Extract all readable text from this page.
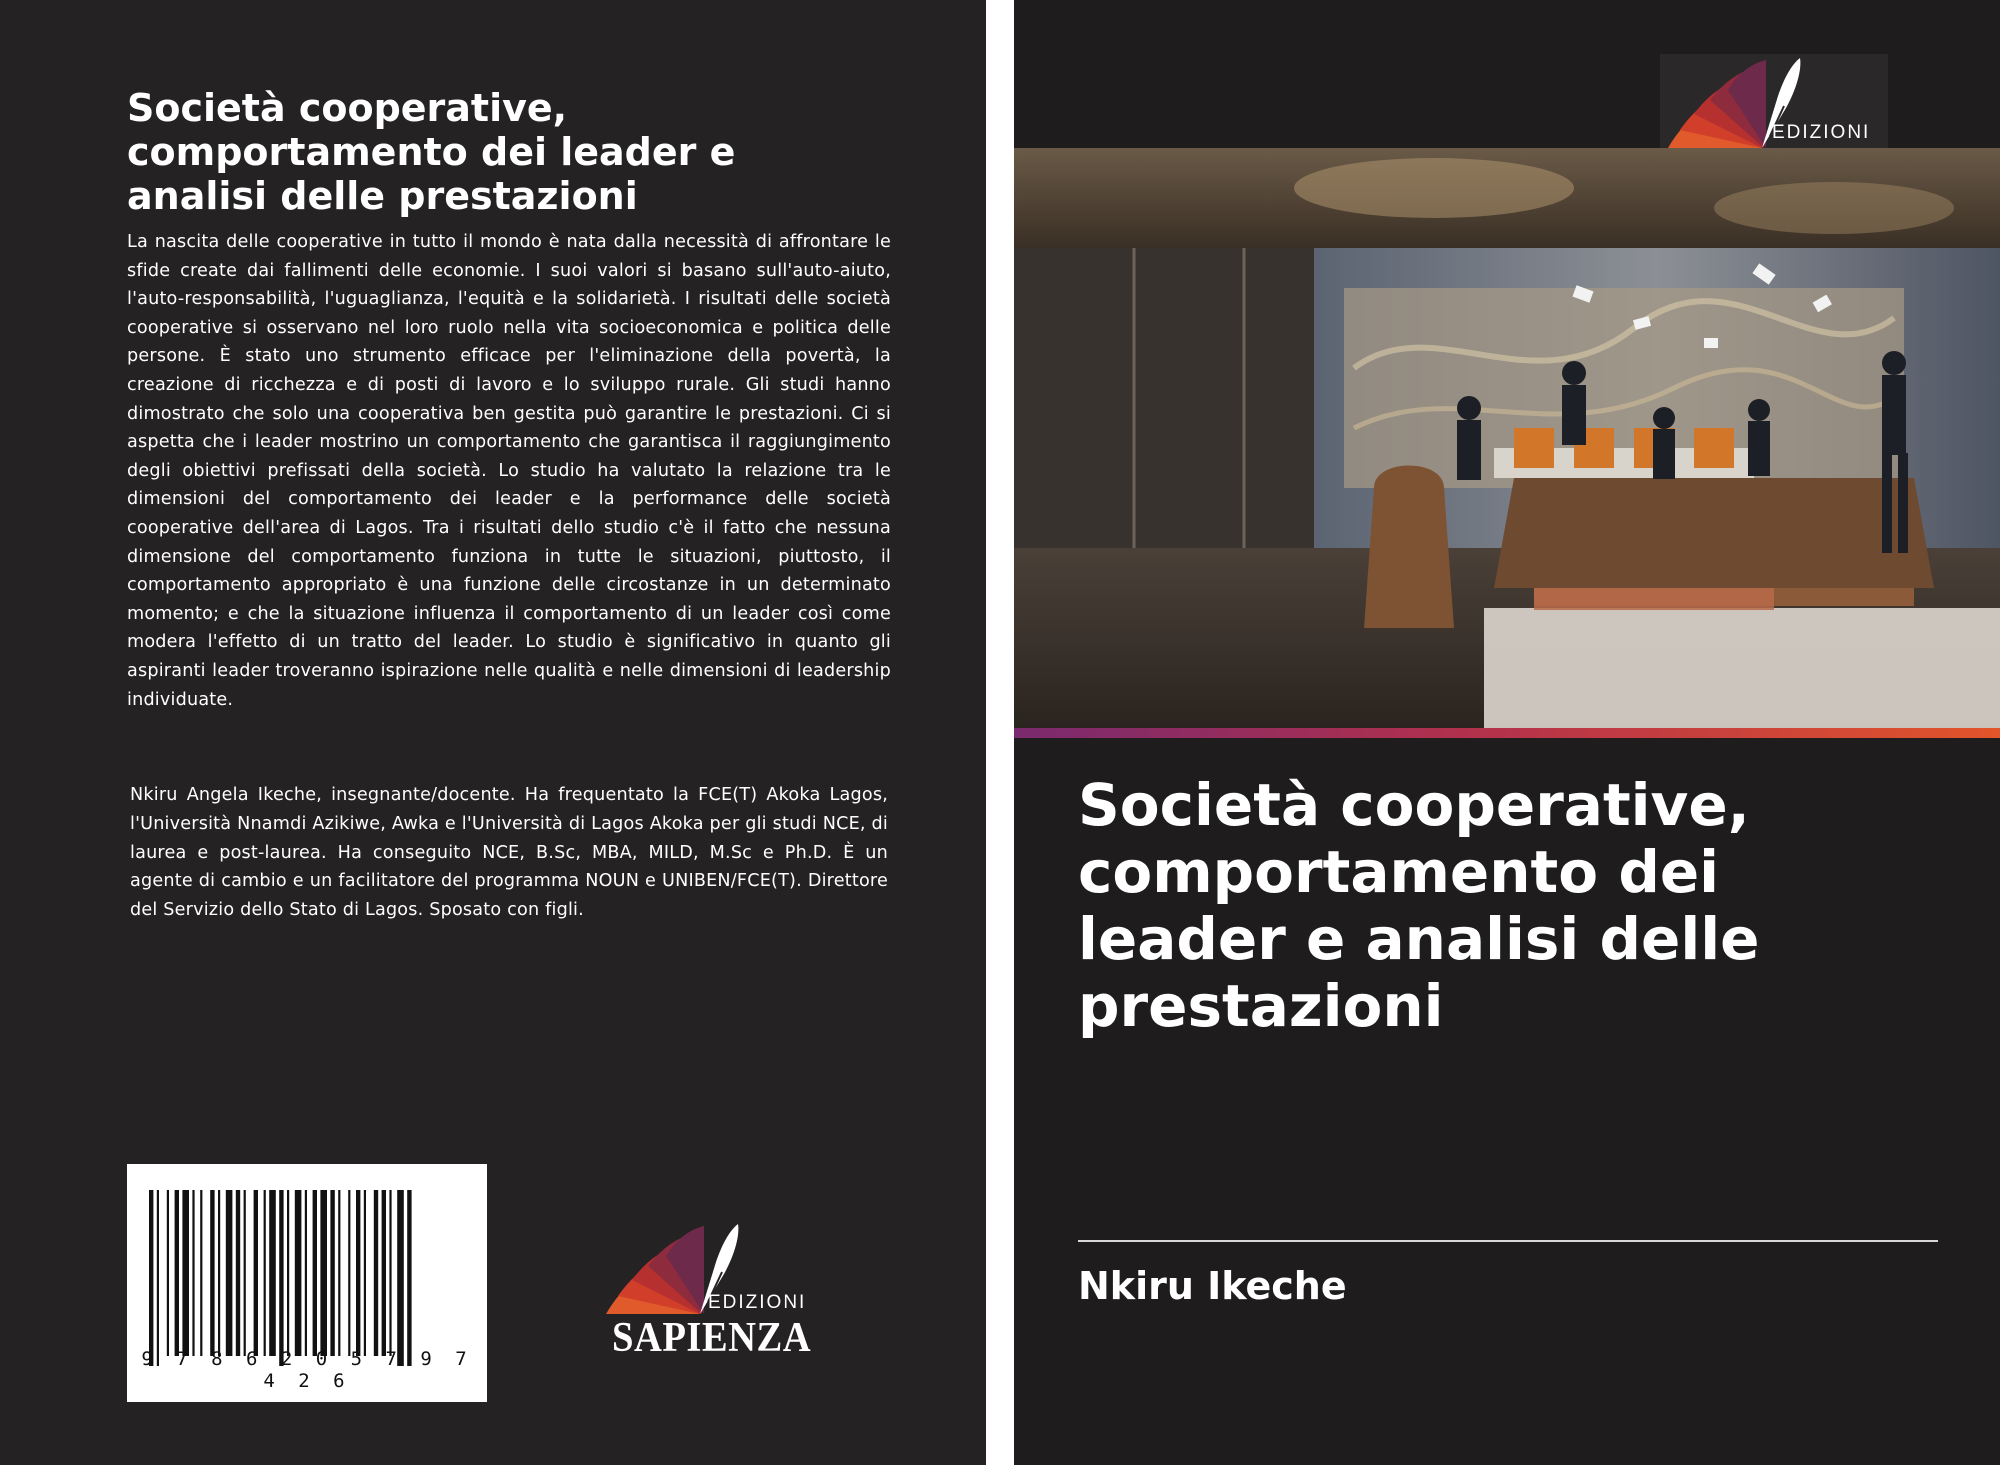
Società cooperative, comportamento dei leader e analisi delle prestazioni

La nascita delle cooperative in tutto il mondo è nata dalla necessità di affrontare le sfide create dai fallimenti delle economie. I suoi valori si basano sull'auto-aiuto, l'auto-responsabilità, l'uguaglianza, l'equità e la solidarietà. I risultati delle società cooperative si osservano nel loro ruolo nella vita socioeconomica e politica delle persone. È stato uno strumento efficace per l'eliminazione della povertà, la creazione di ricchezza e di posti di lavoro e lo sviluppo rurale. Gli studi hanno dimostrato che solo una cooperativa ben gestita può garantire le prestazioni. Ci si aspetta che i leader mostrino un comportamento che garantisca il raggiungimento degli obiettivi prefissati della società. Lo studio ha valutato la relazione tra le dimensioni del comportamento dei leader e la performance delle società cooperative dell'area di Lagos. Tra i risultati dello studio c'è il fatto che nessuna dimensione del comportamento funziona in tutte le situazioni, piuttosto, il comportamento appropriato è una funzione delle circostanze in un determinato momento; e che la situazione influenza il comportamento di un leader così come modera l'effetto di un tratto del leader. Lo studio è significativo in quanto gli aspiranti leader troveranno ispirazione nelle qualità e nelle dimensioni di leadership individuate.

Nkiru Angela Ikeche, insegnante/docente. Ha frequentato la FCE(T) Akoka Lagos, l'Università Nnamdi Azikiwe, Awka e l'Università di Lagos Akoka per gli studi NCE, di laurea e post-laurea. Ha conseguito NCE, B.Sc, MBA, MILD, M.Sc e Ph.D. È un agente di cambio e un facilitatore del programma NOUN e UNIBEN/FCE(T). Direttore del Servizio dello Stato di Lagos. Sposato con figli.

9 7 8 6 2 0 5 7 9 7 4 2 6
EDIZIONI
SAPIENZA
EDIZIONI
Società cooperative, comportamento dei leader e analisi delle prestazioni
Nkiru Ikeche
